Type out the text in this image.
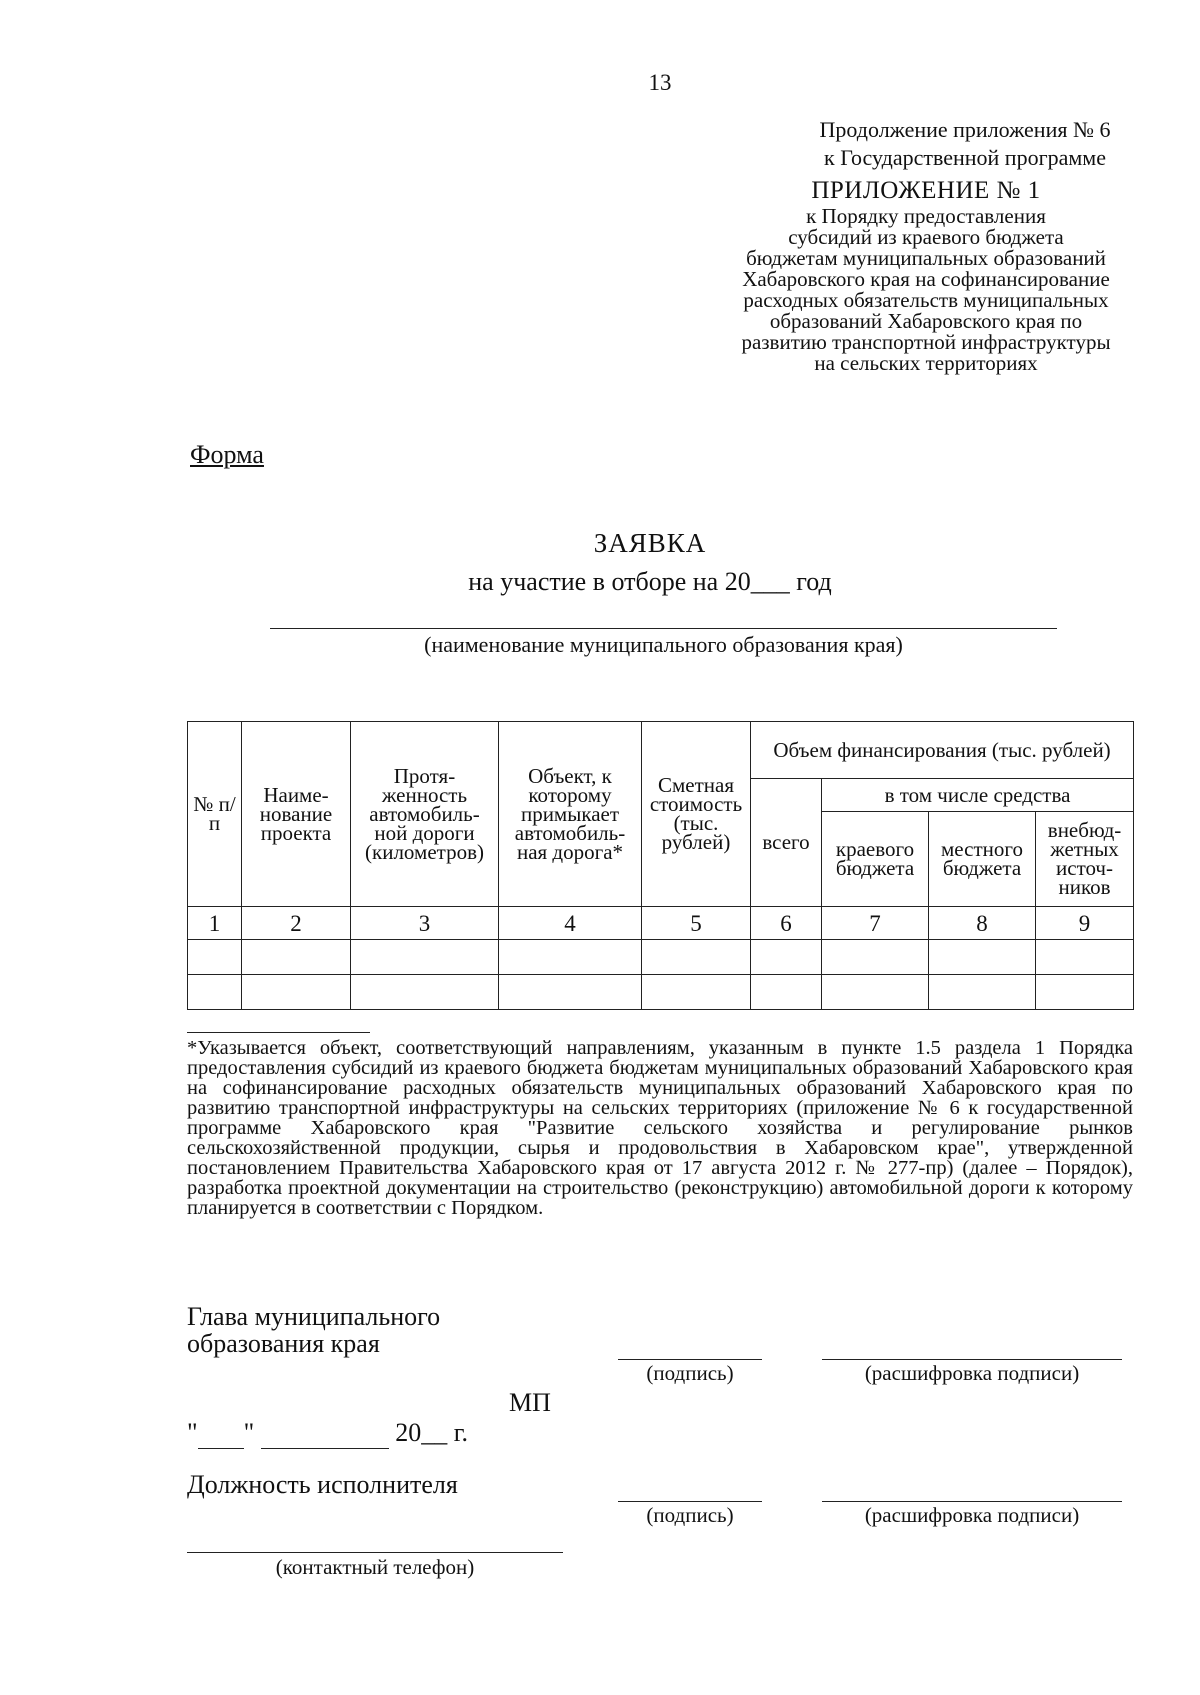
13
Продолжение приложения № 6
к Государственной программе
ПРИЛОЖЕНИЕ № 1
к Порядку предоставления
субсидий из краевого бюджета
бюджетам муниципальных образований
Хабаровского края на софинансирование
расходных обязательств муниципальных
образований Хабаровского края по
развитию транспортной инфраструктуры
на сельских территориях
Форма
ЗАЯВКА
на участие в отборе на 20___ год
(наименование муниципального образования края)
№ п/п	Наиме-нование проекта	Протя-женность автомобиль-ной дороги (километров)	Объект, к которому примыкает автомобиль-ная дорога*	Сметная стоимость (тыс. рублей)	Объем финансирования (тыс. рублей)			
					всего	в том числе средства		
						краевого бюджета	местного бюджета	внебюд-жетных источ-ников
1	2	3	4	5	6	7	8	9

*Указывается объект, соответствующий направлениям, указанным в пункте 1.5 раздела 1 Порядка предоставления субсидий из краевого бюджета бюджетам муниципальных образований Хабаровского края на софинансирование расходных обязательств муниципальных образований Хабаровского края по развитию транспортной инфраструктуры на сельских территориях (приложение № 6 к государственной программе Хабаровского края "Развитие сельского хозяйства и регулирование рынков сельскохозяйственной продукции, сырья и продовольствия в Хабаровском крае", утвержденной постановлением Правительства Хабаровского края от 17 августа 2012 г. № 277-пр) (далее – Порядок), разработка проектной документации на строительство (реконструкцию) автомобильной дороги к которому планируется в соответствии с Порядком.
Глава муниципального
образования края
(подпись)	(расшифровка подписи)
МП
" "	20__ г.
Должность исполнителя
(подпись)	(расшифровка подписи)
(контактный телефон)
